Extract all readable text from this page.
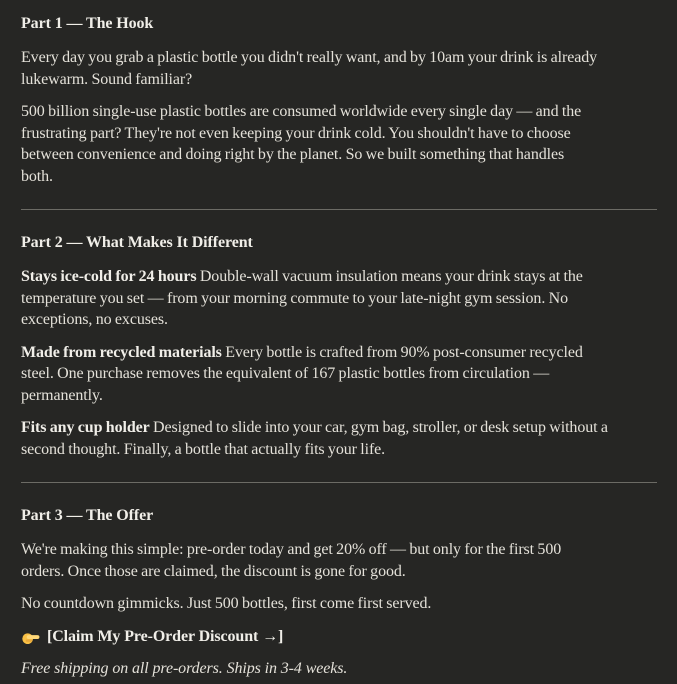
Part 1 — The Hook
Every day you grab a plastic bottle you didn't really want, and by 10am your drink is already
lukewarm. Sound familiar?
500 billion single-use plastic bottles are consumed worldwide every single day — and the
frustrating part? They're not even keeping your drink cold. You shouldn't have to choose
between convenience and doing right by the planet. So we built something that handles
both.
Part 2 — What Makes It Different
Stays ice-cold for 24 hours Double-wall vacuum insulation means your drink stays at the
temperature you set — from your morning commute to your late-night gym session. No
exceptions, no excuses.
Made from recycled materials Every bottle is crafted from 90% post-consumer recycled
steel. One purchase removes the equivalent of 167 plastic bottles from circulation —
permanently.
Fits any cup holder Designed to slide into your car, gym bag, stroller, or desk setup without a
second thought. Finally, a bottle that actually fits your life.
Part 3 — The Offer
We're making this simple: pre-order today and get 20% off — but only for the first 500
orders. Once those are claimed, the discount is gone for good.
No countdown gimmicks. Just 500 bottles, first come first served.
[Claim My Pre-Order Discount →]

Free shipping on all pre-orders. Ships in 3-4 weeks.
